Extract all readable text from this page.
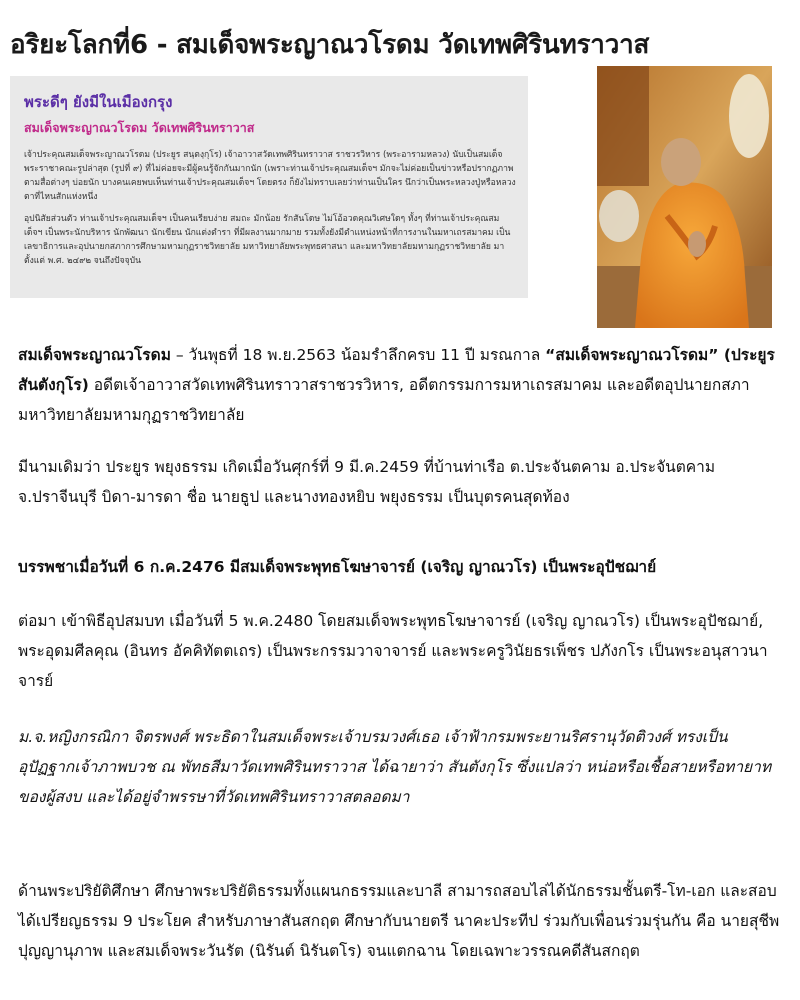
อริยะโลกที่6 - สมเด็จพระญาณวโรดม วัดเทพศิรินทราวาส
พระดีๆ ยังมีในเมืองกรุง
สมเด็จพระญาณวโรดม วัดเทพศิรินทราวาส

เจ้าประคุณสมเด็จพระญาณวโรดม (ประยูร สนฺตงฺกุโร) เจ้าอาวาสวัดเทพศิรินทราวาส ราชวรวิหาร (พระอารามหลวง) นับเป็นสมเด็จพระราชาคณะรูปล่าสุด (รูปที่ ๙) ที่ไม่ค่อยจะมีผู้คนรู้จักกันมากนัก (เพราะท่านเจ้าประคุณสมเด็จฯ มักจะไม่ค่อยเป็นข่าวหรือปรากฏภาพตามสื่อต่างๆ บ่อยนัก บางคนเคยพบเห็นท่านเจ้าประคุณสมเด็จฯ โดยตรง ก็ยังไม่ทราบเลยว่าท่านเป็นใคร นึกว่าเป็นพระหลวงปู่หรือหลวงตาที่ไหนสักแห่งหนึ่ง

อุปนิสัยส่วนตัว ท่านเจ้าประคุณสมเด็จฯ เป็นคนเรียบง่าย สมถะ มักน้อย รักสันโดษ ไม่โอ้อวดคุณวิเศษใดๆ ทั้งๆ ที่ท่านเจ้าประคุณสมเด็จฯ เป็นพระนักบริหาร นักพัฒนา นักเขียน นักแต่งตำรา ที่มีผลงานมากมาย รวมทั้งยังมีตำแหน่งหน้าที่การงานในมหาเถรสมาคม เป็นเลขาธิการและอุปนายกสภาการศึกษามหามกุฏราชวิทยาลัย มหาวิทยาลัยพระพุทธศาสนา และมหาวิทยาลัยมหามกุฏราชวิทยาลัย มาตั้งแต่ พ.ศ. ๒๔๙๒ จนถึงปัจจุบัน

สมเด็จพระญาณวโรดม – วันพุธที่ 18 พ.ย.2563 น้อมรำลึกครบ 11 ปี มรณกาล “สมเด็จพระญาณวโรดม” (ประยูร สันตังกุโร) อดีตเจ้าอาวาสวัดเทพศิรินทราวาสราชวรวิหาร, อดีตกรรมการมหาเถรสมาคม และอดีตอุปนายกสภามหาวิทยาลัยมหามกุฏราชวิทยาลัย

มีนามเดิมว่า ประยูร พยุงธรรม เกิดเมื่อวันศุกร์ที่ 9 มี.ค.2459 ที่บ้านท่าเรือ ต.ประจันตคาม อ.ประจันตคาม จ.ปราจีนบุรี บิดา-มารดา ชื่อ นายธูป และนางทองหยิบ พยุงธรรม เป็นบุตรคนสุดท้อง

บรรพชาเมื่อวันที่ 6 ก.ค.2476 มีสมเด็จพระพุทธโฆษาจารย์ (เจริญ ญาณวโร) เป็นพระอุปัชฌาย์

ต่อมา เข้าพิธีอุปสมบท เมื่อวันที่ 5 พ.ค.2480 โดยสมเด็จพระพุทธโฆษาจารย์ (เจริญ ญาณวโร) เป็นพระอุปัชฌาย์, พระอุดมศีลคุณ (อินทร อัคคิทัตตเถร) เป็นพระกรรมวาจาจารย์ และพระครูวินัยธรเพ็ชร ปภังกโร เป็นพระอนุสาวนาจารย์

ม.จ.หญิงกรณิกา จิตรพงศ์ พระธิดาในสมเด็จพระเจ้าบรมวงศ์เธอ เจ้าฟ้ากรมพระยานริศรานุวัดติวงศ์ ทรงเป็นอุปัฏฐากเจ้าภาพบวช ณ พัทธสีมาวัดเทพศิรินทราวาส ได้ฉายาว่า สันตังกุโร ซึ่งแปลว่า หน่อหรือเชื้อสายหรือทายาทของผู้สงบ และได้อยู่จำพรรษาที่วัดเทพศิรินทราวาสตลอดมา

ด้านพระปริยัติศึกษา ศึกษาพระปริยัติธรรมทั้งแผนกธรรมและบาลี สามารถสอบไล่ได้นักธรรมชั้นตรี-โท-เอก และสอบได้เปรียญธรรม 9 ประโยค สำหรับภาษาสันสกฤต ศึกษากับนายตรี นาคะประทีป ร่วมกับเพื่อนร่วมรุ่นกัน คือ นายสุชีพ ปุญญานุภาพ และสมเด็จพระวันรัต (นิรันต์ นิรันตโร) จนแตกฉาน โดยเฉพาะวรรณคดีสันสกฤต
